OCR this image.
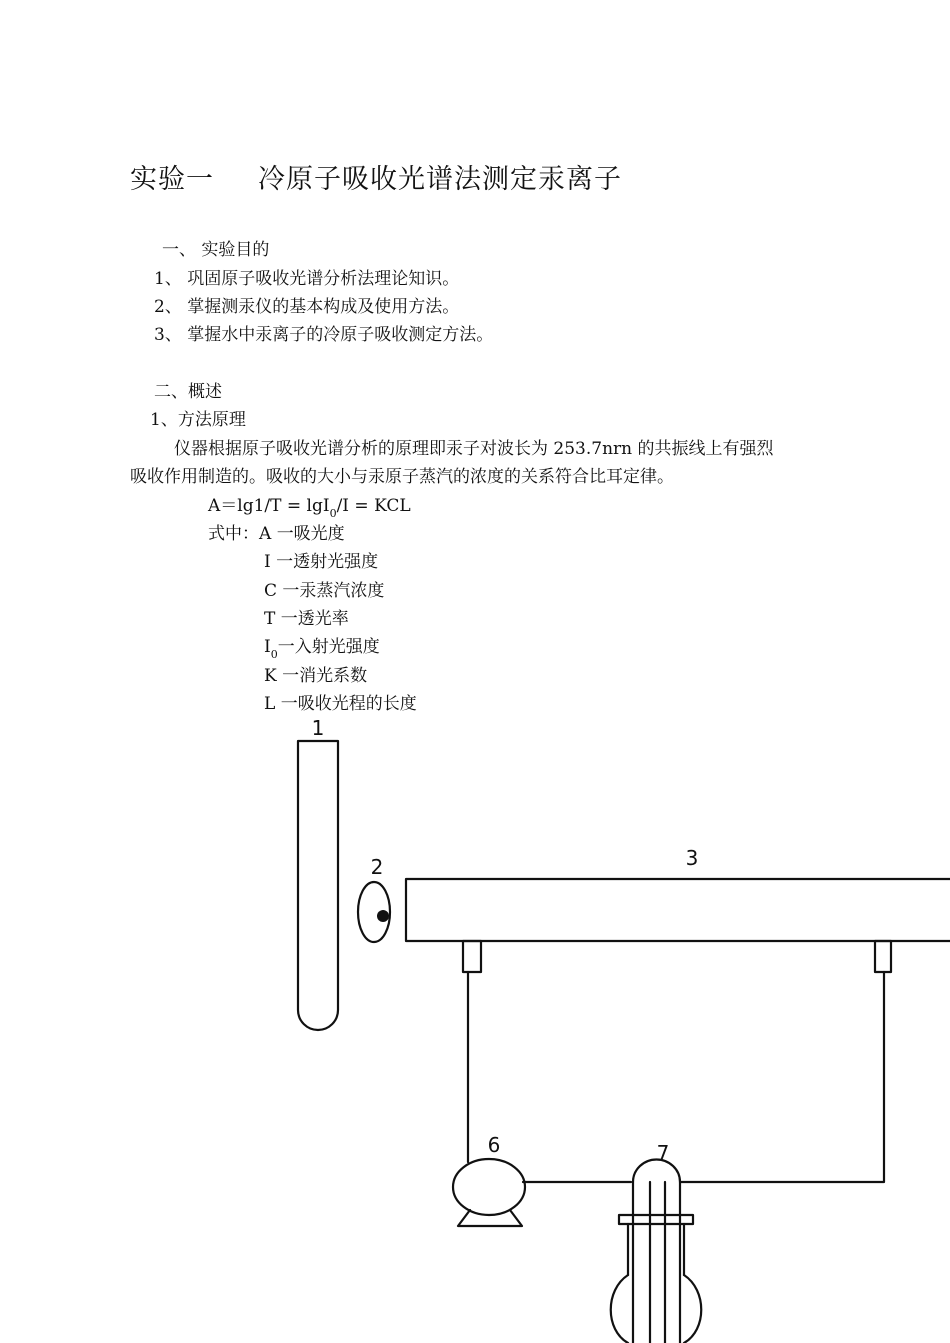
实验一 冷原子吸收光谱法测定汞离子
一、 实验目的
1、 巩固原子吸收光谱分析法理论知识。
2、 掌握测汞仪的基本构成及使用方法。
3、 掌握水中汞离子的冷原子吸收测定方法。
二、概述
1、方法原理
仪器根据原子吸收光谱分析的原理即汞子对波长为 253.7nrn 的共振线上有强烈
吸收作用制造的。吸收的大小与汞原子蒸汽的浓度的关系符合比耳定律。
A＝lg1/T = lgI$_0$/I = KCL
式中：A 一吸光度
I 一透射光强度
C 一汞蒸汽浓度
T 一透光率
$I_0$一入射光强度
K 一消光系数
L 一吸收光程的长度
1
2	3
6	7
